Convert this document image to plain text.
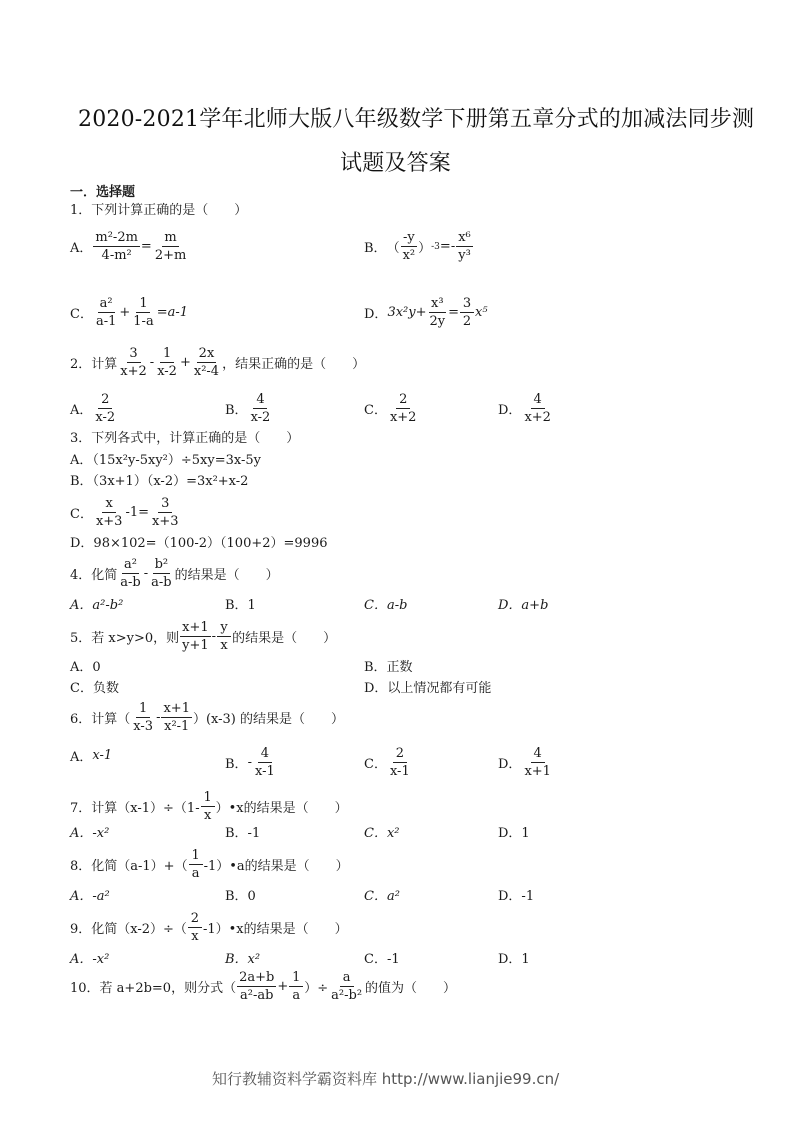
2020-2021学年北师大版八年级数学下册第五章分式的加减法同步测
试题及答案
一．选择题
1．下列计算正确的是（　　）
A． $\frac{\text{m²-2m}}{\text{4-m²}} = \frac{m}{2+m}$	B． （ $\frac{-y}{\text{x²}}$ ） $-3 =- \frac{\text{x⁶}}{\text{y³}}$
C． $\frac{\text{a²}}{a-1} + \frac{1}{1-a} =a-1$	D． $3x^2y+ \frac{\text{x³}}{2y} = \frac{3}{2} x^5$
2．计算 $\frac{3}{x+2} - \frac{1}{x-2} + \frac{2x}{\text{x²-4}}$ ，结果正确的是（　　）
A． $\frac{2}{x-2}$	B． $\frac{4}{x-2}$	C． $\frac{2}{x+2}$	D． $\frac{4}{x+2}$
3．下列各式中，计算正确的是（　　）
A．（15x²y-5xy²）÷5xy=3x-5y
B．（3x+1）（x-2）=3x²+x-2
C． $\frac{x}{x+3} -1= \frac{3}{x+3}$
D．98×102=（100-2）（100+2）=9996
4．化简 $\frac{\text{a²}}{a-b} - \frac{\text{b²}}{a-b}$ 的结果是（　　）
A．a²-b²	B．1	C．a-b	D．a+b
5．若 x>y>0，则 $\frac{x+1}{y+1} - \frac{y}{x}$ 的结果是（　　）
A．0	B．正数
C．负数	D．以上情况都有可能
6．计算（ $\frac{1}{x-3} - \frac{x+1}{\text{x²-1}} )(x-3)$ 的结果是（　　）
A． x-1
B． - $\frac{4}{x-1}$	C． $\frac{2}{x-1}$	D． $\frac{4}{x+1}$
7．计算$(x-1)\div(1- \frac{1}{x}$ ）•x的结果是（　　）
A．-x²	B．-1	C．x²	D．1
8．化简$(a-1)+( \frac{1}{a}$ -1）•a的结果是（　　）
A．-a²	B．0	C．a²	D．-1
9．化简$(x-2)\div( \frac{2}{x}$ -1）•x的结果是（　　）
A．-x²	B．x²	C．-1	D．1
10．若 a+2b=0，则分式（ $\frac{2a+b}{\text{a²-ab}} + \frac{1}{a}$ ）÷ $\frac{a}{\text{a²-b²}}$ 的值为（　　）
知行教辅资料学霸资料库 http://www.lianjie99.cn/
